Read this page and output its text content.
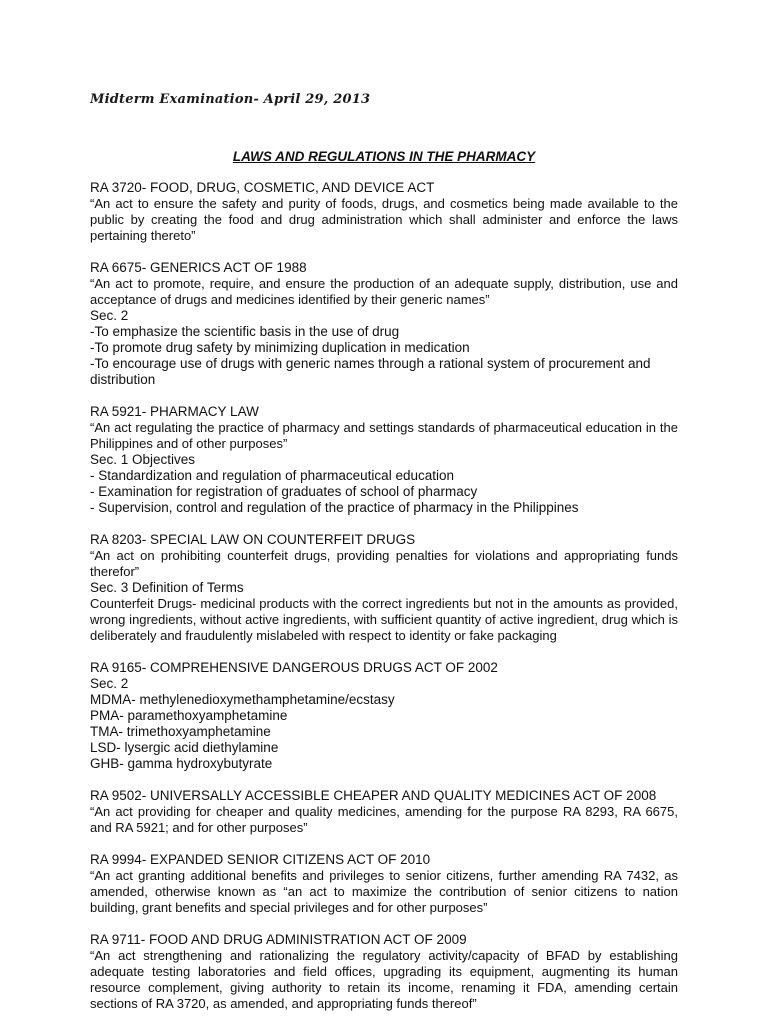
Midterm Examination- April 29, 2013
LAWS AND REGULATIONS IN THE PHARMACY

RA 3720- FOOD, DRUG, COSMETIC, AND DEVICE ACT

“An act to ensure the safety and purity of foods, drugs, and cosmetics being made available to the public by creating the food and drug administration which shall administer and enforce the laws pertaining thereto”

RA 6675- GENERICS ACT OF 1988

“An act to promote, require, and ensure the production of an adequate supply, distribution, use and acceptance of drugs and medicines identified by their generic names”

Sec. 2

-To emphasize the scientific basis in the use of drug

-To promote drug safety by minimizing duplication in medication

-To encourage use of drugs with generic names through a rational system of procurement and distribution

RA 5921- PHARMACY LAW

“An act regulating the practice of pharmacy and settings standards of pharmaceutical education in the Philippines and of other purposes”

Sec. 1 Objectives

- Standardization and regulation of pharmaceutical education

- Examination for registration of graduates of school of pharmacy

- Supervision, control and regulation of the practice of pharmacy in the Philippines

RA 8203- SPECIAL LAW ON COUNTERFEIT DRUGS

“An act on prohibiting counterfeit drugs, providing penalties for violations and appropriating funds therefor”

Sec. 3 Definition of Terms

Counterfeit Drugs- medicinal products with the correct ingredients but not in the amounts as provided, wrong ingredients, without active ingredients, with sufficient quantity of active ingredient, drug which is deliberately and fraudulently mislabeled with respect to identity or fake packaging

RA 9165- COMPREHENSIVE DANGEROUS DRUGS ACT OF 2002

Sec. 2

MDMA- methylenedioxymethamphetamine/ecstasy

PMA- paramethoxyamphetamine

TMA- trimethoxyamphetamine

LSD- lysergic acid diethylamine

GHB- gamma hydroxybutyrate

RA 9502- UNIVERSALLY ACCESSIBLE CHEAPER AND QUALITY MEDICINES ACT OF 2008

“An act providing for cheaper and quality medicines, amending for the purpose RA 8293, RA 6675, and RA 5921; and for other purposes”

RA 9994- EXPANDED SENIOR CITIZENS ACT OF 2010

“An act granting additional benefits and privileges to senior citizens, further amending RA 7432, as amended, otherwise known as “an act to maximize the contribution of senior citizens to nation building, grant benefits and special privileges and for other purposes”

RA 9711- FOOD AND DRUG ADMINISTRATION ACT OF 2009

“An act strengthening and rationalizing the regulatory activity/capacity of BFAD by establishing adequate testing laboratories and field offices, upgrading its equipment, augmenting its human resource complement, giving authority to retain its income, renaming it FDA, amending certain sections of RA 3720, as amended, and appropriating funds thereof”
